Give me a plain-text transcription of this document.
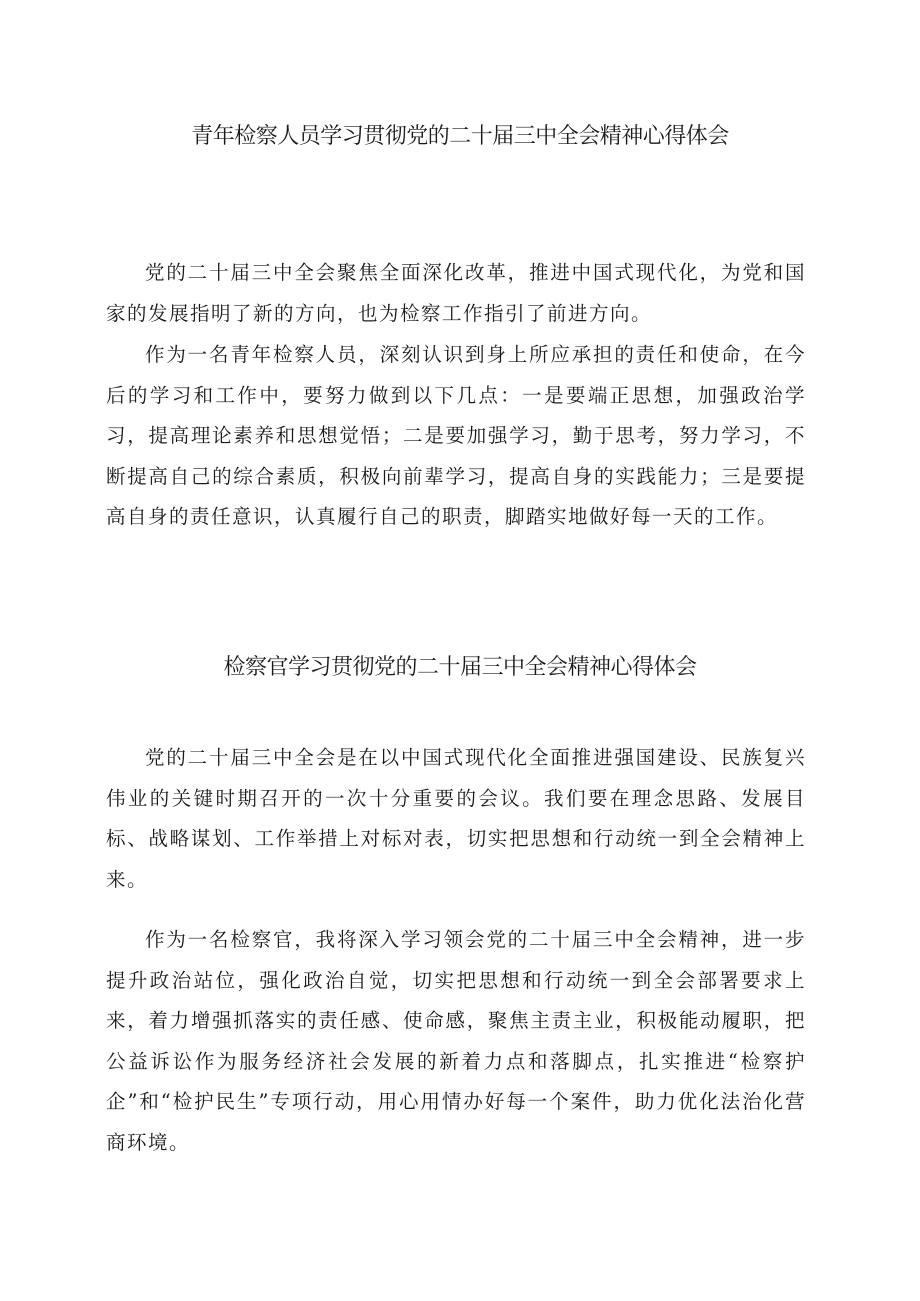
青年检察人员学习贯彻党的二十届三中全会精神心得体会

党的二十届三中全会聚焦全面深化改革，推进中国式现代化，为党和国家的发展指明了新的方向，也为检察工作指引了前进方向。

作为一名青年检察人员，深刻认识到身上所应承担的责任和使命，在今后的学习和工作中，要努力做到以下几点：一是要端正思想，加强政治学习，提高理论素养和思想觉悟；二是要加强学习，勤于思考，努力学习，不断提高自己的综合素质，积极向前辈学习，提高自身的实践能力；三是要提高自身的责任意识，认真履行自己的职责，脚踏实地做好每一天的工作。

检察官学习贯彻党的二十届三中全会精神心得体会

党的二十届三中全会是在以中国式现代化全面推进强国建设、民族复兴伟业的关键时期召开的一次十分重要的会议。我们要在理念思路、发展目标、战略谋划、工作举措上对标对表，切实把思想和行动统一到全会精神上来。

作为一名检察官，我将深入学习领会党的二十届三中全会精神，进一步提升政治站位，强化政治自觉，切实把思想和行动统一到全会部署要求上来，着力增强抓落实的责任感、使命感，聚焦主责主业，积极能动履职，把公益诉讼作为服务经济社会发展的新着力点和落脚点，扎实推进“检察护企”和“检护民生”专项行动，用心用情办好每一个案件，助力优化法治化营商环境。
